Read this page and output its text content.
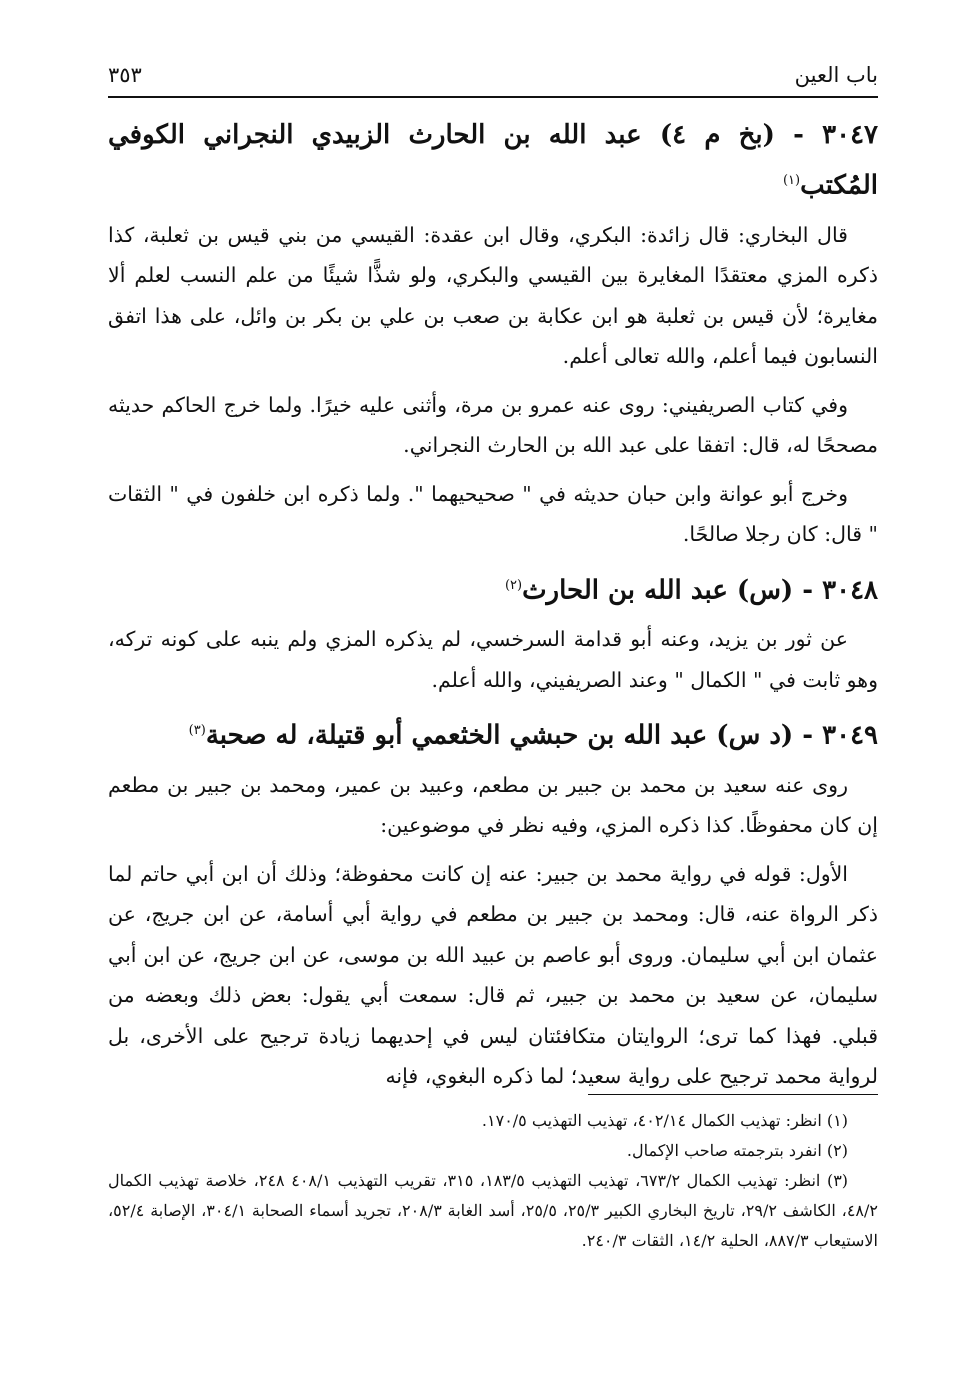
باب العين
٣٥٣
٣٠٤٧ - (بخ م ٤) عبد الله بن الحارث الزبيدي النجراني الكوفي المُكتب$^{(١)}$

قال البخاري: قال زائدة: البكري، وقال ابن عقدة: القيسي من بني قيس بن ثعلبة، كذا ذكره المزي معتقدًا المغايرة بين القيسي والبكري، ولو شذًّا شيئًا من علم النسب لعلم ألا مغايرة؛ لأن قيس بن ثعلبة هو ابن عكابة بن صعب بن علي بن بكر بن وائل، على هذا اتفق النسابون فيما أعلم، والله تعالى أعلم.

وفي كتاب الصريفيني: روى عنه عمرو بن مرة، وأثنى عليه خيرًا. ولما خرج الحاكم حديثه مصححًا له، قال: اتفقا على عبد الله بن الحارث النجراني.

وخرج أبو عوانة وابن حبان حديثه في " صحيحيهما ". ولما ذكره ابن خلفون في " الثقات " قال: كان رجلا صالحًا.

٣٠٤٨ - (س) عبد الله بن الحارث$^{(٢)}$

عن ثور بن يزيد، وعنه أبو قدامة السرخسي، لم يذكره المزي ولم ينبه على كونه تركه، وهو ثابت في " الكمال " وعند الصريفيني، والله أعلم.

٣٠٤٩ - (د س) عبد الله بن حبشي الخثعمي أبو قتيلة، له صحبة$^{(٣)}$

روى عنه سعيد بن محمد بن جبير بن مطعم، وعبيد بن عمير، ومحمد بن جبير بن مطعم إن كان محفوظًا. كذا ذكره المزي، وفيه نظر في موضوعين:

الأول: قوله في رواية محمد بن جبير: عنه إن كانت محفوظة؛ وذلك أن ابن أبي حاتم لما ذكر الرواة عنه، قال: ومحمد بن جبير بن مطعم في رواية أبي أسامة، عن ابن جريج، عن عثمان ابن أبي سليمان. وروى أبو عاصم بن عبيد الله بن موسى، عن ابن جريج، عن ابن أبي سليمان، عن سعيد بن محمد بن جبير، ثم قال: سمعت أبي يقول: بعض ذلك وبعضه من قبلي. فهذا كما ترى؛ الروايتان متكافئتان ليس في إحديهما زيادة ترجيح على الأخرى، بل لرواية محمد ترجيح على رواية سعيد؛ لما ذكره البغوي، فإنه

(١) انظر: تهذيب الكمال ٤٠٢/١٤، تهذيب التهذيب ١٧٠/٥.

(٢) انفرد بترجمته صاحب الإكمال.

(٣) انظر: تهذيب الكمال ٦٧٣/٢، تهذيب التهذيب ١٨٣/٥، ٣١٥، تقريب التهذيب ٤٠٨/١ ٢٤٨، خلاصة تهذيب الكمال ٤٨/٢، الكاشف ٢٩/٢، تاريخ البخاري الكبير ٢٥/٣، ٢٥/٥، أسد الغابة ٢٠٨/٣، تجريد أسماء الصحابة ٣٠٤/١، الإصابة ٥٢/٤، الاستيعاب ٨٨٧/٣، الحلية ١٤/٢، الثقات ٢٤٠/٣.
